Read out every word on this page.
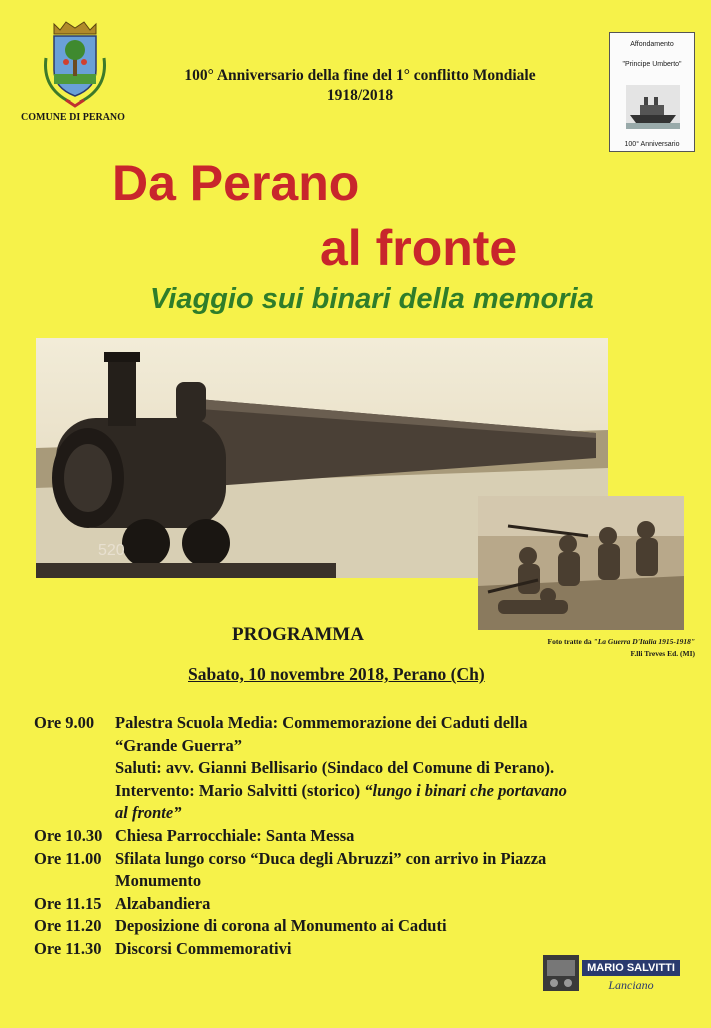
COMUNE DI PERANO
100° Anniversario della fine del 1° conflitto Mondiale
1918/2018
Affondamento
"Principe Umberto"
100° Anniversario
Da Perano
al fronte
Viaggio sui binari della memoria
520
PROGRAMMA	Foto tratte da "La Guerra D'Italia 1915-1918"
F.lli Treves Ed. (MI)
Sabato, 10 novembre 2018, Perano (Ch)
Ore 9.00	Palestra Scuola Media: Commemorazione dei Caduti della
“Grande Guerra”
Saluti: avv. Gianni Bellisario (Sindaco del Comune di Perano).
Intervento: Mario Salvitti (storico) “lungo i binari che portavano
al fronte”
Ore 10.30 Chiesa Parrocchiale: Santa Messa
Ore 11.00 Sfilata lungo corso “Duca degli Abruzzi” con arrivo in Piazza
Monumento
Ore 11.15 Alzabandiera
Ore 11.20 Deposizione di corona al Monumento ai Caduti
Ore 11.30 Discorsi Commemorativi
MARIO SALVITTI
Lanciano
